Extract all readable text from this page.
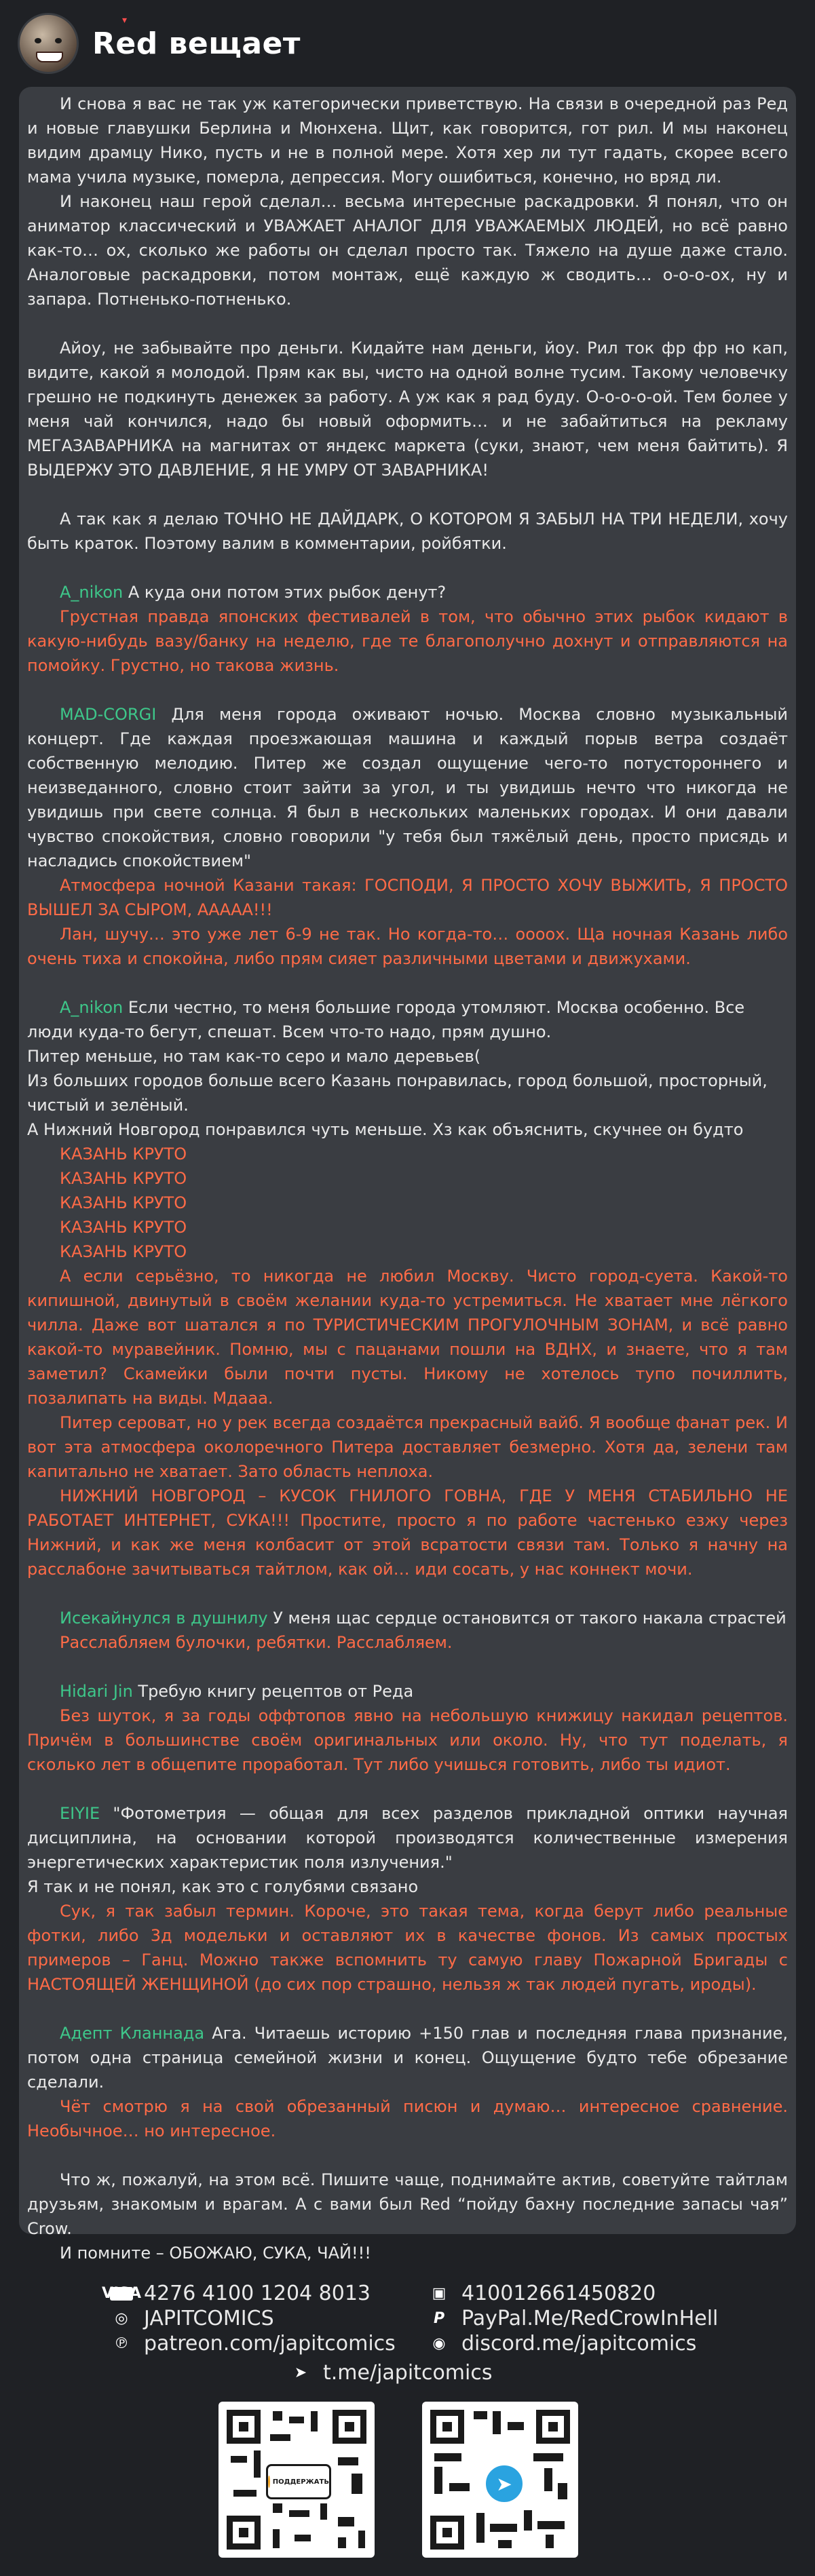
▾
Red вещает

И снова я вас не так уж категорически приветствую. На связи в очередной раз Ред и новые главушки Берлина и Мюнхена. Щит, как говорится, гот рил. И мы наконец видим драмцу Нико, пусть и не в полной мере. Хотя хер ли тут гадать, скорее всего мама учила музыке, померла, депрессия. Могу ошибиться, конечно, но вряд ли.

И наконец наш герой сделал… весьма интересные раскадровки. Я понял, что он аниматор классический и УВАЖАЕТ АНАЛОГ ДЛЯ УВАЖАЕМЫХ ЛЮДЕЙ, но всё равно как-то… ох, сколько же работы он сделал просто так. Тяжело на душе даже стало. Аналоговые раскадровки, потом монтаж, ещё каждую ж сводить… о-о-о-ох, ну и запара. Потненько-потненько.

Айоу, не забывайте про деньги. Кидайте нам деньги, йоу. Рил ток фр фр но кап, видите, какой я молодой. Прям как вы, чисто на одной волне тусим. Такому человечку грешно не подкинуть денежек за работу. А уж как я рад буду. О-о-о-о-ой. Тем более у меня чай кончился, надо бы новый оформить… и не забайтиться на рекламу МЕГАЗАВАРНИКА на магнитах от яндекс маркета (суки, знают, чем меня байтить). Я ВЫДЕРЖУ ЭТО ДАВЛЕНИЕ, Я НЕ УМРУ ОТ ЗАВАРНИКА!

А так как я делаю ТОЧНО НЕ ДАЙДАРК, О КОТОРОМ Я ЗАБЫЛ НА ТРИ НЕДЕЛИ, хочу быть краток. Поэтому валим в комментарии, ройбятки.

A_nikon А куда они потом этих рыбок денут?

Грустная правда японских фестивалей в том, что обычно этих рыбок кидают в какую-нибудь вазу/банку на неделю, где те благополучно дохнут и отправляются на помойку. Грустно, но такова жизнь.

MAD-CORGI Для меня города оживают ночью. Москва словно музыкальный концерт. Где каждая проезжающая машина и каждый порыв ветра создаёт собственную мелодию. Питер же создал ощущение чего-то потустороннего и неизведанного, словно стоит зайти за угол, и ты увидишь нечто что никогда не увидишь при свете солнца. Я был в нескольких маленьких городах. И они давали чувство спокойствия, словно говорили "у тебя был тяжёлый день, просто присядь и насладись спокойствием"

Атмосфера ночной Казани такая: ГОСПОДИ, Я ПРОСТО ХОЧУ ВЫЖИТЬ, Я ПРОСТО ВЫШЕЛ ЗА СЫРОМ, ААААА!!!

Лан, шучу… это уже лет 6-9 не так. Но когда-то… ооооx. Ща ночная Казань либо очень тиха и спокойна, либо прям сияет различными цветами и движухами.

A_nikon Если честно, то меня большие города утомляют. Москва особенно. Все люди куда-то бегут, спешат. Всем что-то надо, прям душно.

Питер меньше, но там как-то серо и мало деревьев(

Из больших городов больше всего Казань понравилась, город большой, просторный, чистый и зелёный.

А Нижний Новгород понравился чуть меньше. Хз как объяснить, скучнее он будто

КАЗАНЬ КРУТО

КАЗАНЬ КРУТО

КАЗАНЬ КРУТО

КАЗАНЬ КРУТО

КАЗАНЬ КРУТО

А если серьёзно, то никогда не любил Москву. Чисто город-суета. Какой-то кипишной, двинутый в своём желании куда-то устремиться. Не хватает мне лёгкого чилла. Даже вот шатался я по ТУРИСТИЧЕСКИМ ПРОГУЛОЧНЫМ ЗОНАМ, и всё равно какой-то муравейник. Помню, мы с пацанами пошли на ВДНХ, и знаете, что я там заметил? Скамейки были почти пусты. Никому не хотелось тупо почиллить, позалипать на виды. Мдааа.

Питер сероват, но у рек всегда создаётся прекрасный вайб. Я вообще фанат рек. И вот эта атмосфера околоречного Питера доставляет безмерно. Хотя да, зелени там капитально не хватает. Зато область неплоха.

НИЖНИЙ НОВГОРОД – КУСОК ГНИЛОГО ГОВНА, ГДЕ У МЕНЯ СТАБИЛЬНО НЕ РАБОТАЕТ ИНТЕРНЕТ, СУКА!!! Простите, просто я по работе частенько езжу через Нижний, и как же меня колбасит от этой всратости связи там. Только я начну на расслабоне зачитываться тайтлом, как ой… иди сосать, у нас коннект мочи.

Исекайнулся в душнилу У меня щас сердце остановится от такого накала страстей

Расслабляем булочки, ребятки. Расслабляем.

Hidari Jin Требую книгу рецептов от Реда

Без шуток, я за годы оффтопов явно на небольшую книжицу накидал рецептов. Причём в большинстве своём оригинальных или около. Ну, что тут поделать, я сколько лет в общепите проработал. Тут либо учишься готовить, либо ты идиот.

EIYIE "Фотометрия — общая для всех разделов прикладной оптики научная дисциплина, на основании которой производятся количественные измерения энергетических характеристик поля излучения."

Я так и не понял, как это с голубями связано

Сук, я так забыл термин. Короче, это такая тема, когда берут либо реальные фотки, либо 3д модельки и оставляют их в качестве фонов. Из самых простых примеров – Ганц. Можно также вспомнить ту самую главу Пожарной Бригады с НАСТОЯЩЕЙ ЖЕНЩИНОЙ (до сих пор страшно, нельзя ж так людей пугать, ироды).

Адепт Кланнада Ага. Читаешь историю +150 глав и последняя глава признание, потом одна страница семейной жизни и конец. Ощущение будто тебе обрезание сделали.

Чёт смотрю я на свой обрезанный писюн и думаю… интересное сравнение. Необычное… но интересное.

Что ж, пожалуй, на этом всё. Пишите чаще, поднимайте актив, советуйте тайтлам друзьям, знакомым и врагам. А с вами был Red “пойду бахну последние запасы чая” Crow.

И помните – ОБОЖАЮ, СУКА, ЧАЙ!!!

VISA 4276 4100 1204 8013
◎ JAPITCOMICS
℗ patreon.com/japitcomics
▣ 410012661450820
P PayPal.Me/RedCrowInHell
◉ discord.me/japitcomics
➤ t.me/japitcomics
ПОДДЕРЖАТЬ	➤
